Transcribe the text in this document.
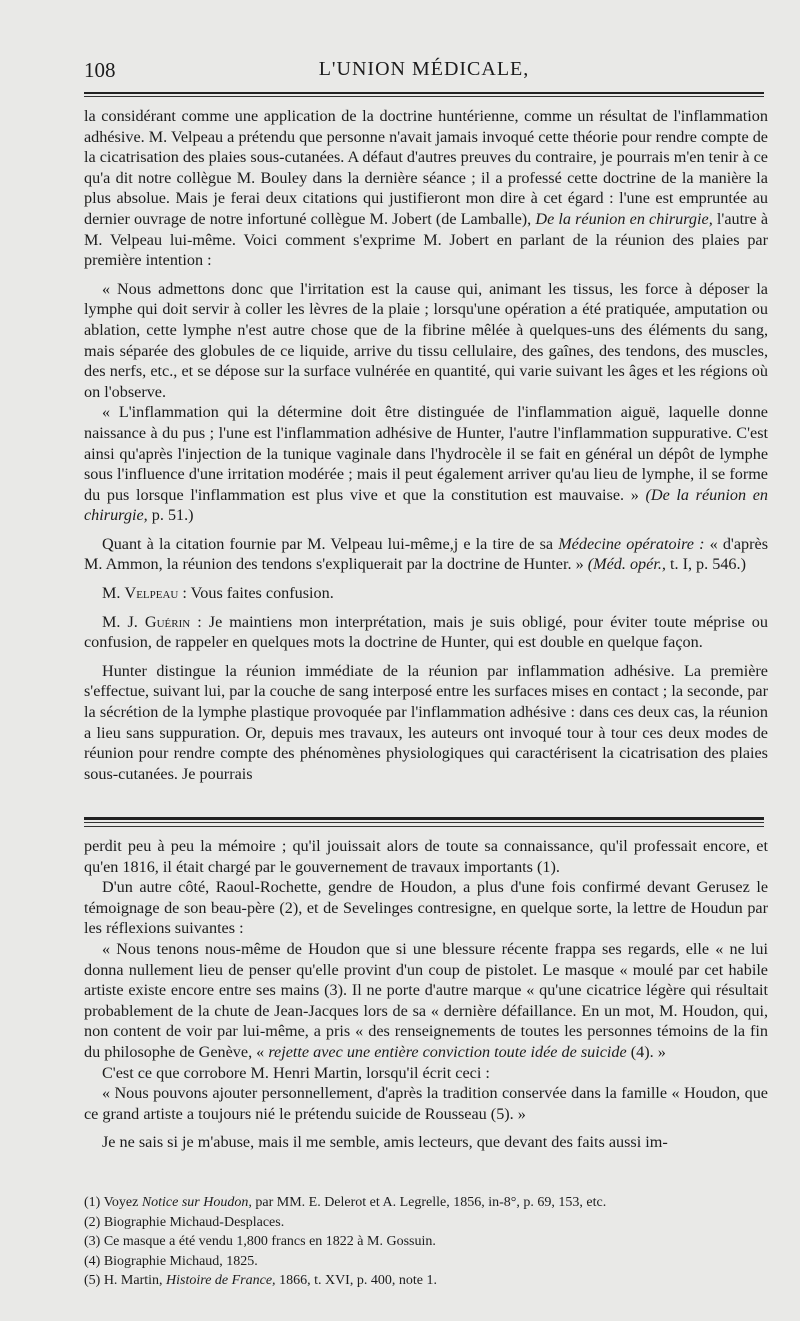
108	L'UNION MÉDICALE,

la considérant comme une application de la doctrine huntérienne, comme un résultat de l'inflammation adhésive. M. Velpeau a prétendu que personne n'avait jamais invoqué cette théorie pour rendre compte de la cicatrisation des plaies sous-cutanées. A défaut d'autres preuves du contraire, je pourrais m'en tenir à ce qu'a dit notre collègue M. Bouley dans la dernière séance ; il a professé cette doctrine de la manière la plus absolue. Mais je ferai deux citations qui justifieront mon dire à cet égard : l'une est empruntée au dernier ouvrage de notre infortuné collègue M. Jobert (de Lamballe), De la réunion en chirurgie, l'autre à M. Velpeau lui-même. Voici comment s'exprime M. Jobert en parlant de la réunion des plaies par première intention :

« Nous admettons donc que l'irritation est la cause qui, animant les tissus, les force à déposer la lymphe qui doit servir à coller les lèvres de la plaie ; lorsqu'une opération a été pratiquée, amputation ou ablation, cette lymphe n'est autre chose que de la fibrine mêlée à quelques-uns des éléments du sang, mais séparée des globules de ce liquide, arrive du tissu cellulaire, des gaînes, des tendons, des muscles, des nerfs, etc., et se dépose sur la surface vulnérée en quantité, qui varie suivant les âges et les régions où on l'observe.

« L'inflammation qui la détermine doit être distinguée de l'inflammation aiguë, laquelle donne naissance à du pus ; l'une est l'inflammation adhésive de Hunter, l'autre l'inflammation suppurative. C'est ainsi qu'après l'injection de la tunique vaginale dans l'hydrocèle il se fait en général un dépôt de lymphe sous l'influence d'une irritation modérée ; mais il peut également arriver qu'au lieu de lymphe, il se forme du pus lorsque l'inflammation est plus vive et que la constitution est mauvaise. » (De la réunion en chirurgie, p. 51.)

Quant à la citation fournie par M. Velpeau lui-même,j e la tire de sa Médecine opératoire : « d'après M. Ammon, la réunion des tendons s'expliquerait par la doctrine de Hunter. » (Méd. opér., t. I, p. 546.)

M. Velpeau : Vous faites confusion.

M. J. Guérin : Je maintiens mon interprétation, mais je suis obligé, pour éviter toute méprise ou confusion, de rappeler en quelques mots la doctrine de Hunter, qui est double en quelque façon.

Hunter distingue la réunion immédiate de la réunion par inflammation adhésive. La première s'effectue, suivant lui, par la couche de sang interposé entre les surfaces mises en contact ; la seconde, par la sécrétion de la lymphe plastique provoquée par l'inflammation adhésive : dans ces deux cas, la réunion a lieu sans suppuration. Or, depuis mes travaux, les auteurs ont invoqué tour à tour ces deux modes de réunion pour rendre compte des phénomènes physiologiques qui caractérisent la cicatrisation des plaies sous-cutanées. Je pourrais

perdit peu à peu la mémoire ; qu'il jouissait alors de toute sa connaissance, qu'il professait encore, et qu'en 1816, il était chargé par le gouvernement de travaux importants (1).

D'un autre côté, Raoul-Rochette, gendre de Houdon, a plus d'une fois confirmé devant Gerusez le témoignage de son beau-père (2), et de Sevelinges contresigne, en quelque sorte, la lettre de Houdun par les réflexions suivantes :

« Nous tenons nous-même de Houdon que si une blessure récente frappa ses regards, elle « ne lui donna nullement lieu de penser qu'elle provint d'un coup de pistolet. Le masque « moulé par cet habile artiste existe encore entre ses mains (3). Il ne porte d'autre marque « qu'une cicatrice légère qui résultait probablement de la chute de Jean-Jacques lors de sa « dernière défaillance. En un mot, M. Houdon, qui, non content de voir par lui-même, a pris « des renseignements de toutes les personnes témoins de la fin du philosophe de Genève, « rejette avec une entière conviction toute idée de suicide (4). »

C'est ce que corrobore M. Henri Martin, lorsqu'il écrit ceci :

« Nous pouvons ajouter personnellement, d'après la tradition conservée dans la famille « Houdon, que ce grand artiste a toujours nié le prétendu suicide de Rousseau (5). »

Je ne sais si je m'abuse, mais il me semble, amis lecteurs, que devant des faits aussi im-

(1) Voyez Notice sur Houdon, par MM. E. Delerot et A. Legrelle, 1856, in-8°, p. 69, 153, etc.
(2) Biographie Michaud-Desplaces.
(3) Ce masque a été vendu 1,800 francs en 1822 à M. Gossuin.
(4) Biographie Michaud, 1825.
(5) H. Martin, Histoire de France, 1866, t. XVI, p. 400, note 1.
